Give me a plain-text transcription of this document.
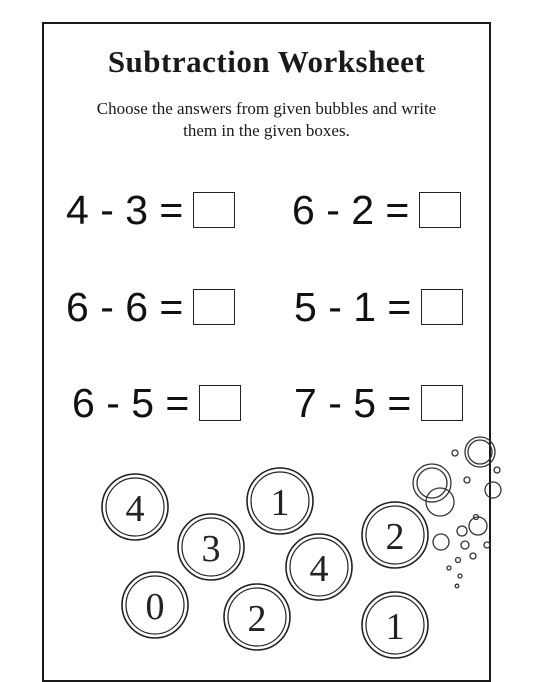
Subtraction Worksheet
Choose the answers from given bubbles and write
them in the given boxes.
4 - 3 =	6 - 2 =
6 - 6 =	5 - 1 =
6 - 5 =	7 - 5 =
4	1
3	2
4
0 2	1
